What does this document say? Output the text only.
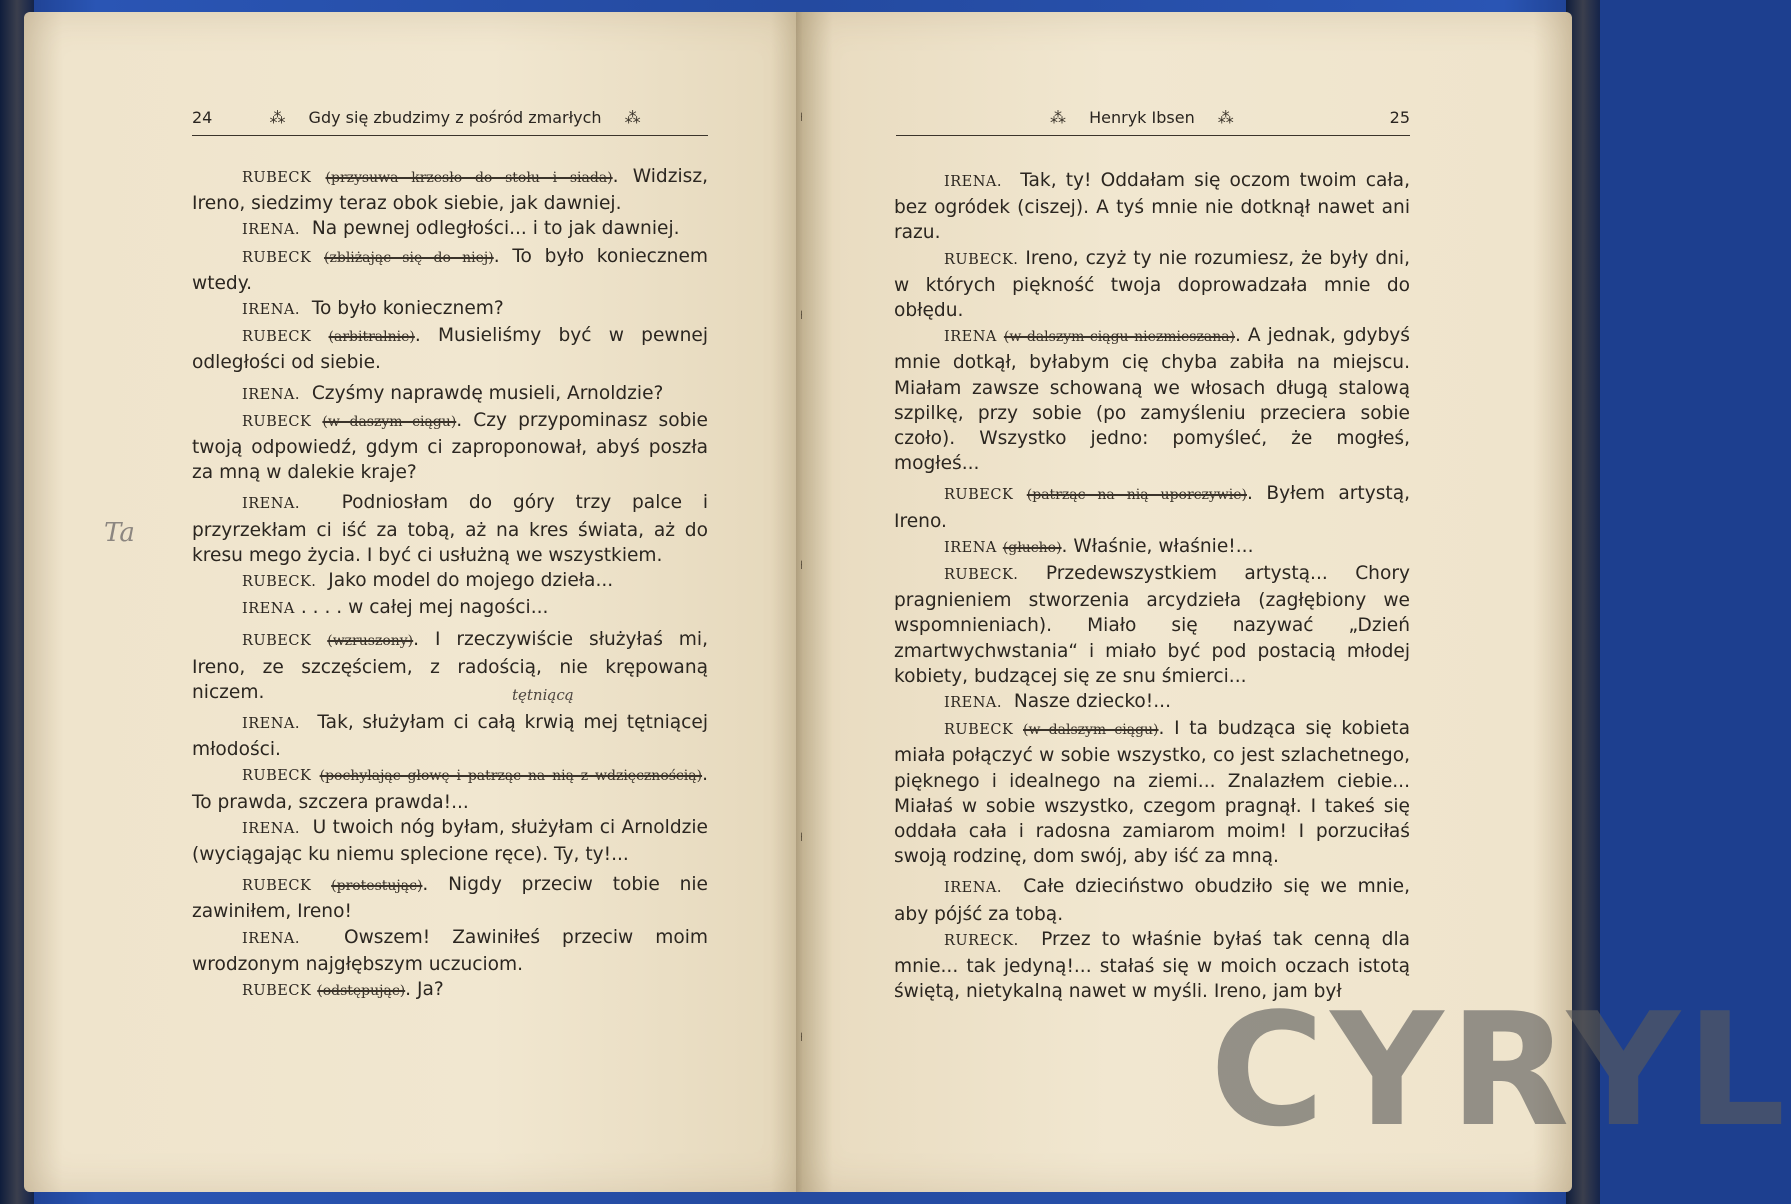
24	⁂ Gdy się zbudzimy z pośród zmarłych ⁂

RUBECK (przysuwa krzesło do stołu i siada). Widzisz, Ireno, siedzimy teraz obok siebie, jak dawniej.

IRENA. Na pewnej odległości... i to jak dawniej.

RUBECK (zbliżając się do niej). To było koniecznem wtedy.

IRENA. To było koniecznem?

RUBECK (arbitralnie). Musieliśmy być w pewnej odległości od siebie.

IRENA. Czyśmy naprawdę musieli, Arnoldzie?

RUBECK (w daszym ciągu). Czy przypominasz sobie twoją odpowiedź, gdym ci zaproponował, abyś poszła za mną w dalekie kraje?

IRENA. Podniosłam do góry trzy palce i przyrzekłam ci iść za tobą, aż na kres świata, aż do kresu mego życia. I być ci usłużną we wszystkiem.

RUBECK. Jako model do mojego dzieła...

IRENA . . . . w całej mej nagości...

RUBECK (wzruszony). I rzeczywiście służyłaś mi, Ireno, ze szczęściem, z radością, nie krępowaną niczem.

IRENA. Tak, służyłam ci całą krwią mej tętniącej młodości.

RUBECK (pochylając głowę i patrząc na nią z wdzięcznością). To prawda, szczera prawda!...

IRENA. U twoich nóg byłam, służyłam ci Arnoldzie (wyciągając ku niemu splecione ręce). Ty, ty!...

RUBECK (protestując). Nigdy przeciw tobie nie zawiniłem, Ireno!

IRENA. Owszem! Zawiniłeś przeciw moim wrodzonym najgłębszym uczuciom.

RUBECK (odstępując). Ja?

Ta
tętniącą
⁂ Henryk Ibsen ⁂	25

IRENA. Tak, ty! Oddałam się oczom twoim cała, bez ogródek (ciszej). A tyś mnie nie dotknął nawet ani razu.

RUBECK. Ireno, czyż ty nie rozumiesz, że były dni, w których piękność twoja doprowadzała mnie do obłędu.

IRENA (w dalszym ciągu niezmieszana). A jednak, gdybyś mnie dotkął, byłabym cię chyba zabiła na miejscu. Miałam zawsze schowaną we włosach długą stalową szpilkę, przy sobie (po zamyśleniu przeciera sobie czoło). Wszystko jedno: pomyśleć, że mogłeś, mogłeś...

RUBECK (patrząc na nią uporczywie). Byłem artystą, Ireno.

IRENA (głucho). Właśnie, właśnie!...

RUBECK. Przedewszystkiem artystą... Chory pragnieniem stworzenia arcydzieła (zagłębiony we wspomnieniach). Miało się nazywać „Dzień zmartwychwstania“ i miało być pod postacią młodej kobiety, budzącej się ze snu śmierci...

IRENA. Nasze dziecko!...

RUBECK (w dalszym ciągu). I ta budząca się kobieta miała połączyć w sobie wszystko, co jest szlachetnego, pięknego i idealnego na ziemi... Znalazłem ciebie... Miałaś w sobie wszystko, czegom pragnął. I takeś się oddała cała i radosna zamiarom moim! I porzuciłaś swoją rodzinę, dom swój, aby iść za mną.

IRENA. Całe dzieciństwo obudziło się we mnie, aby pójść za tobą.

RURECK. Przez to właśnie byłaś tak cenną dla mnie... tak jedyną!... stałaś się w moich oczach istotą świętą, nietykalną nawet w myśli. Ireno, jam był

CYRYL
